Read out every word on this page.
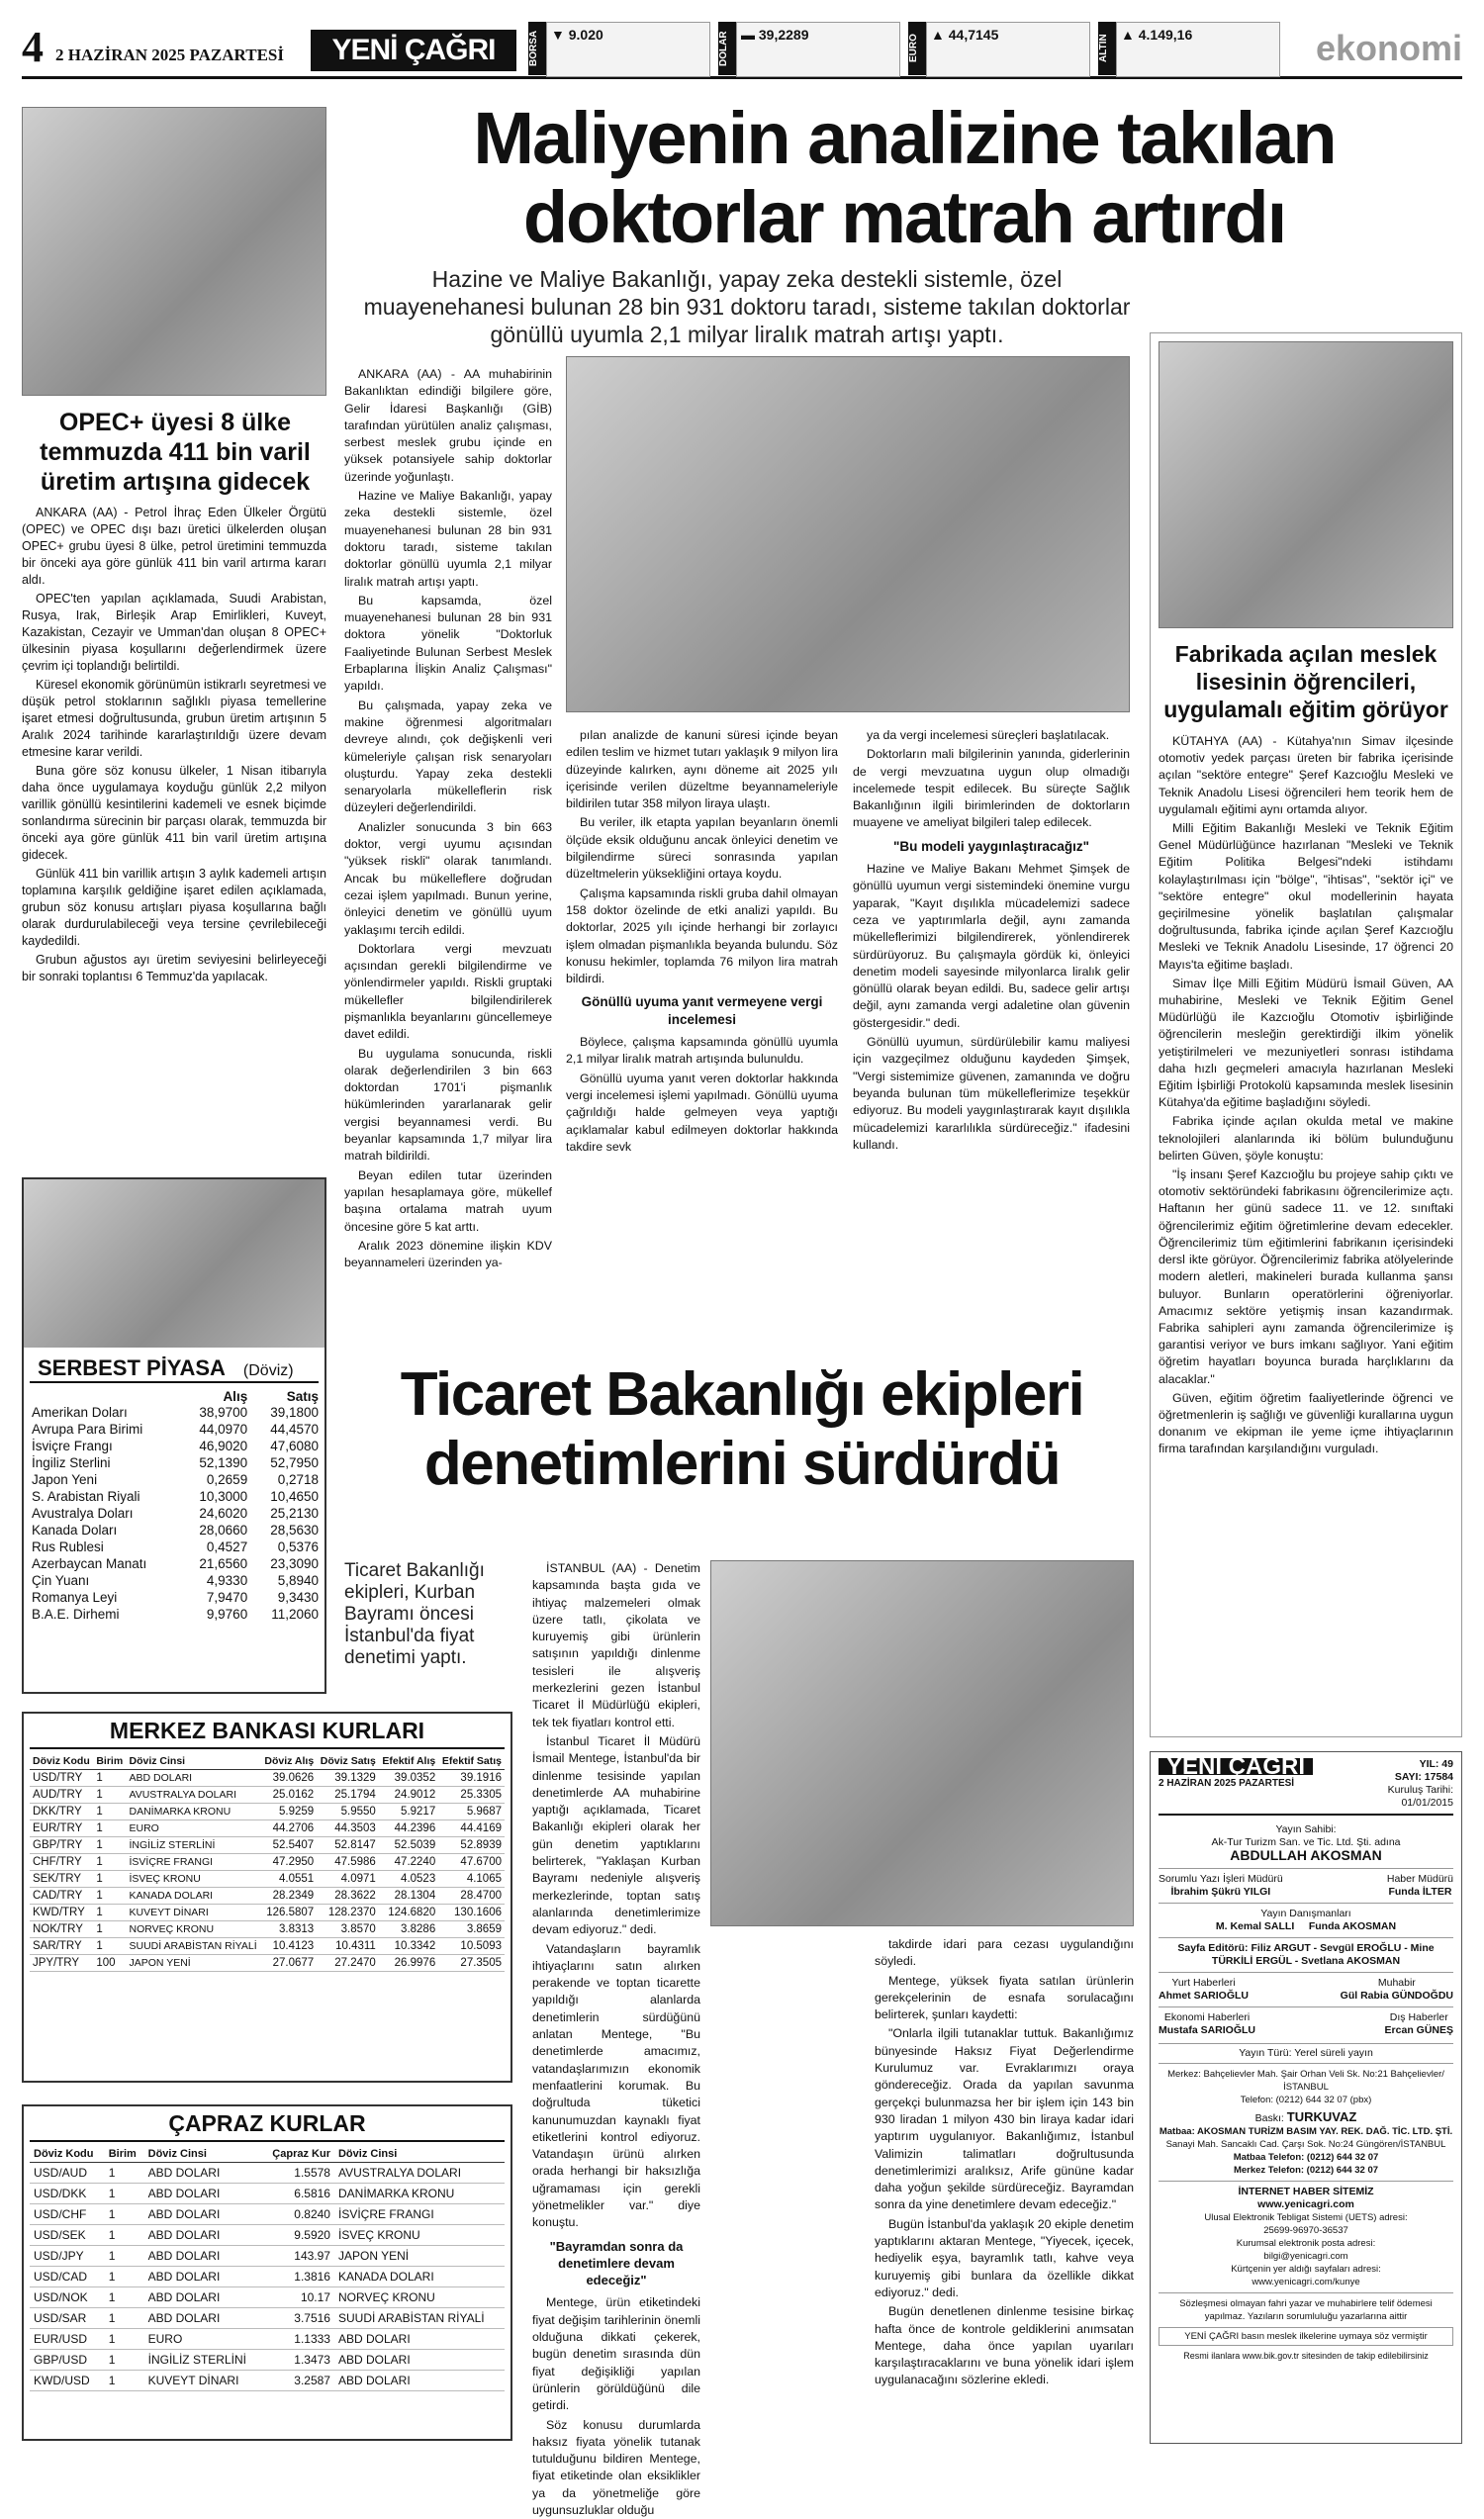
4 2 HAZİRAN 2025 PAZARTESİ	YENİ ÇAĞRI	BORSA ▼ 9.020	DOLAR ▬ 39,2289	EURO ▲ 44,7145	ALTIN ▲ 4.149,16	ekonomi
OPEC+ üyesi 8 ülke temmuzda 411 bin varil üretim artışına gidecek

ANKARA (AA) - Petrol İhraç Eden Ülkeler Örgütü (OPEC) ve OPEC dışı bazı üretici ülkelerden oluşan OPEC+ grubu üyesi 8 ülke, petrol üretimini temmuzda bir önceki aya göre günlük 411 bin varil artırma kararı aldı.

OPEC'ten yapılan açıklamada, Suudi Arabistan, Rusya, Irak, Birleşik Arap Emirlikleri, Kuveyt, Kazakistan, Cezayir ve Umman'dan oluşan 8 OPEC+ ülkesinin piyasa koşullarını değerlendirmek üzere çevrim içi toplandığı belirtildi.

Küresel ekonomik görünümün istikrarlı seyretmesi ve düşük petrol stoklarının sağlıklı piyasa temellerine işaret etmesi doğrultusunda, grubun üretim artışının 5 Aralık 2024 tarihinde kararlaştırıldığı üzere devam etmesine karar verildi.

Buna göre söz konusu ülkeler, 1 Nisan itibarıyla daha önce uygulamaya koyduğu günlük 2,2 milyon varillik gönüllü kesintilerini kademeli ve esnek biçimde sonlandırma sürecinin bir parçası olarak, temmuzda bir önceki aya göre günlük 411 bin varil üretim artışına gidecek.

Günlük 411 bin varillik artışın 3 aylık kademeli artışın toplamına karşılık geldiğine işaret edilen açıklamada, grubun söz konusu artışları piyasa koşullarına bağlı olarak durdurulabileceği veya tersine çevrilebileceği kaydedildi.

Grubun ağustos ayı üretim seviyesini belirleyeceği bir sonraki toplantısı 6 Temmuz'da yapılacak.

SERBEST PİYASA (Döviz)
	Alış	Satış
Amerikan Doları	38,9700	39,1800
Avrupa Para Birimi	44,0970	44,4570
İsviçre Frangı	46,9020	47,6080
İngiliz Sterlini	52,1390	52,7950
Japon Yeni	0,2659	0,2718
S. Arabistan Riyali	10,3000	10,4650
Avustralya Doları	24,6020	25,2130
Kanada Doları	28,0660	28,5630
Rus Rublesi	0,4527	0,5376
Azerbaycan Manatı	21,6560	23,3090
Çin Yuanı	4,9330	5,8940
Romanya Leyi	7,9470	9,3430
B.A.E. Dirhemi	9,9760	11,2060
MERKEZ BANKASI KURLARI
Döviz Kodu	Birim	Döviz Cinsi	Döviz Alış	Döviz Satış	Efektif Alış	Efektif Satış
USD/TRY	1	ABD DOLARI	39.0626	39.1329	39.0352	39.1916
AUD/TRY	1	AVUSTRALYA DOLARI	25.0162	25.1794	24.9012	25.3305
DKK/TRY	1	DANİMARKA KRONU	5.9259	5.9550	5.9217	5.9687
EUR/TRY	1	EURO	44.2706	44.3503	44.2396	44.4169
GBP/TRY	1	İNGİLİZ STERLİNİ	52.5407	52.8147	52.5039	52.8939
CHF/TRY	1	İSVİÇRE FRANGI	47.2950	47.5986	47.2240	47.6700
SEK/TRY	1	İSVEÇ KRONU	4.0551	4.0971	4.0523	4.1065
CAD/TRY	1	KANADA DOLARI	28.2349	28.3622	28.1304	28.4700
KWD/TRY	1	KUVEYT DİNARI	126.5807	128.2370	124.6820	130.1606
NOK/TRY	1	NORVEÇ KRONU	3.8313	3.8570	3.8286	3.8659
SAR/TRY	1	SUUDİ ARABİSTAN RİYALİ	10.4123	10.4311	10.3342	10.5093
JPY/TRY	100	JAPON YENİ	27.0677	27.2470	26.9976	27.3505
ÇAPRAZ KURLAR
Döviz Kodu	Birim	Döviz Cinsi	Çapraz Kur	Döviz Cinsi
USD/AUD	1	ABD DOLARI	1.5578	AVUSTRALYA DOLARI
USD/DKK	1	ABD DOLARI	6.5816	DANİMARKA KRONU
USD/CHF	1	ABD DOLARI	0.8240	İSVİÇRE FRANGI
USD/SEK	1	ABD DOLARI	9.5920	İSVEÇ KRONU
USD/JPY	1	ABD DOLARI	143.97	JAPON YENİ
USD/CAD	1	ABD DOLARI	1.3816	KANADA DOLARI
USD/NOK	1	ABD DOLARI	10.17	NORVEÇ KRONU
USD/SAR	1	ABD DOLARI	3.7516	SUUDİ ARABİSTAN RİYALİ
EUR/USD	1	EURO	1.1333	ABD DOLARI
GBP/USD	1	İNGİLİZ STERLİNİ	1.3473	ABD DOLARI
KWD/USD	1	KUVEYT DİNARI	3.2587	ABD DOLARI
Maliyenin analizine takılan doktorlar matrah artırdı

Hazine ve Maliye Bakanlığı, yapay zeka destekli sistemle, özel muayenehanesi bulunan 28 bin 931 doktoru taradı, sisteme takılan doktorlar gönüllü uyumla 2,1 milyar liralık matrah artışı yaptı.

ANKARA (AA) - AA muhabirinin Bakanlıktan edindiği bilgilere göre, Gelir İdaresi Başkanlığı (GİB) tarafından yürütülen analiz çalışması, serbest meslek grubu içinde en yüksek potansiyele sahip doktorlar üzerinde yoğunlaştı.

Hazine ve Maliye Bakanlığı, yapay zeka destekli sistemle, özel muayenehanesi bulunan 28 bin 931 doktoru taradı, sisteme takılan doktorlar gönüllü uyumla 2,1 milyar liralık matrah artışı yaptı.

Bu kapsamda, özel muayenehanesi bulunan 28 bin 931 doktora yönelik "Doktorluk Faaliyetinde Bulunan Serbest Meslek Erbaplarına İlişkin Analiz Çalışması" yapıldı.

Bu çalışmada, yapay zeka ve makine öğrenmesi algoritmaları devreye alındı, çok değişkenli veri kümeleriyle çalışan risk senaryoları oluşturdu. Yapay zeka destekli senaryolarla mükelleflerin risk düzeyleri değerlendirildi.

Analizler sonucunda 3 bin 663 doktor, vergi uyumu açısından "yüksek riskli" olarak tanımlandı. Ancak bu mükelleflere doğrudan cezai işlem yapılmadı. Bunun yerine, önleyici denetim ve gönüllü uyum yaklaşımı tercih edildi.

Doktorlara vergi mevzuatı açısından gerekli bilgilendirme ve yönlendirmeler yapıldı. Riskli gruptaki mükellefler bilgilendirilerek pişmanlıkla beyanlarını güncellemeye davet edildi.

Bu uygulama sonucunda, riskli olarak değerlendirilen 3 bin 663 doktordan 1701'i pişmanlık hükümlerinden yararlanarak gelir vergisi beyannamesi verdi. Bu beyanlar kapsamında 1,7 milyar lira matrah bildirildi.

Beyan edilen tutar üzerinden yapılan hesaplamaya göre, mükellef başına ortalama matrah uyum öncesine göre 5 kat arttı.

Aralık 2023 dönemine ilişkin KDV beyannameleri üzerinden ya-

pılan analizde de kanuni süresi içinde beyan edilen teslim ve hizmet tutarı yaklaşık 9 milyon lira düzeyinde kalırken, aynı döneme ait 2025 yılı içerisinde verilen düzeltme beyannameleriyle bildirilen tutar 358 milyon liraya ulaştı.

Bu veriler, ilk etapta yapılan beyanların önemli ölçüde eksik olduğunu ancak önleyici denetim ve bilgilendirme süreci sonrasında yapılan düzeltmelerin yüksekliğini ortaya koydu.

Çalışma kapsamında riskli gruba dahil olmayan 158 doktor özelinde de etki analizi yapıldı. Bu doktorlar, 2025 yılı içinde herhangi bir zorlayıcı işlem olmadan pişmanlıkla beyanda bulundu. Söz konusu hekimler, toplamda 76 milyon lira matrah bildirdi.

Gönüllü uyuma yanıt vermeyene vergi incelemesi

Böylece, çalışma kapsamında gönüllü uyumla 2,1 milyar liralık matrah artışında bulunuldu.

Gönüllü uyuma yanıt veren doktorlar hakkında vergi incelemesi işlemi yapılmadı. Gönüllü uyuma çağrıldığı halde gelmeyen veya yaptığı açıklamalar kabul edilmeyen doktorlar hakkında takdire sevk

ya da vergi incelemesi süreçleri başlatılacak.

Doktorların mali bilgilerinin yanında, giderlerinin de vergi mevzuatına uygun olup olmadığı incelemede tespit edilecek. Bu süreçte Sağlık Bakanlığının ilgili birimlerinden de doktorların muayene ve ameliyat bilgileri talep edilecek.

"Bu modeli yaygınlaştıracağız"

Hazine ve Maliye Bakanı Mehmet Şimşek de gönüllü uyumun vergi sistemindeki önemine vurgu yaparak, "Kayıt dışılıkla mücadelemizi sadece ceza ve yaptırımlarla değil, aynı zamanda mükelleflerimizi bilgilendirerek, yönlendirerek sürdürüyoruz. Bu çalışmayla gördük ki, önleyici denetim modeli sayesinde milyonlarca liralık gelir gönüllü olarak beyan edildi. Bu, sadece gelir artışı değil, aynı zamanda vergi adaletine olan güvenin göstergesidir." dedi.

Gönüllü uyumun, sürdürülebilir kamu maliyesi için vazgeçilmez olduğunu kaydeden Şimşek, "Vergi sistemimize güvenen, zamanında ve doğru beyanda bulunan tüm mükelleflerimize teşekkür ediyoruz. Bu modeli yaygınlaştırarak kayıt dışılıkla mücadelemizi kararlılıkla sürdüreceğiz." ifadesini kullandı.

Ticaret Bakanlığı ekipleri denetimlerini sürdürdü

Ticaret Bakanlığı ekipleri, Kurban Bayramı öncesi İstanbul'da fiyat denetimi yaptı.

İSTANBUL (AA) - Denetim kapsamında başta gıda ve ihtiyaç malzemeleri olmak üzere tatlı, çikolata ve kuruyemiş gibi ürünlerin satışının yapıldığı dinlenme tesisleri ile alışveriş merkezlerini gezen İstanbul Ticaret İl Müdürlüğü ekipleri, tek tek fiyatları kontrol etti.

İstanbul Ticaret İl Müdürü İsmail Mentege, İstanbul'da bir dinlenme tesisinde yapılan denetimlerde AA muhabirine yaptığı açıklamada, Ticaret Bakanlığı ekipleri olarak her gün denetim yaptıklarını belirterek, "Yaklaşan Kurban Bayramı nedeniyle alışveriş merkezlerinde, toptan satış alanlarında denetimlerimize devam ediyoruz." dedi.

Vatandaşların bayramlık ihtiyaçlarını satın alırken perakende ve toptan ticarette yapıldığı alanlarda denetimlerin sürdüğünü anlatan Mentege, "Bu denetimlerde amacımız, vatandaşlarımızın ekonomik menfaatlerini korumak. Bu doğrultuda tüketici kanunumuzdan kaynaklı fiyat etiketlerini kontrol ediyoruz. Vatandaşın ürünü alırken orada herhangi bir haksızlığa uğramaması için gerekli yönetmelikler var." diye konuştu.

"Bayramdan sonra da denetimlere devam edeceğiz"

Mentege, ürün etiketindeki fiyat değişim tarihlerinin önemli olduğuna dikkati çekerek, bugün denetim sırasında dün fiyat değişikliği yapılan ürünlerin görüldüğünü dile getirdi.

Söz konusu durumlarda haksız fiyata yönelik tutanak tutulduğunu bildiren Mentege, fiyat etiketinde olan eksiklikler ya da yönetmeliğe göre uygunsuzluklar olduğu

takdirde idari para cezası uygulandığını söyledi.

Mentege, yüksek fiyata satılan ürünlerin gerekçelerinin de esnafa sorulacağını belirterek, şunları kaydetti:

"Onlarla ilgili tutanaklar tuttuk. Bakanlığımız bünyesinde Haksız Fiyat Değerlendirme Kurulumuz var. Evraklarımızı oraya göndereceğiz. Orada da yapılan savunma gerçekçi bulunmazsa her bir işlem için 143 bin 930 liradan 1 milyon 430 bin liraya kadar idari yaptırım uygulanıyor. Bakanlığımız, İstanbul Valimizin talimatları doğrultusunda denetimlerimizi aralıksız, Arife gününe kadar daha yoğun şekilde sürdüreceğiz. Bayramdan sonra da yine denetimlere devam edeceğiz."

Bugün İstanbul'da yaklaşık 20 ekiple denetim yaptıklarını aktaran Mentege, "Yiyecek, içecek, hediyelik eşya, bayramlık tatlı, kahve veya kuruyemiş gibi bunlara da özellikle dikkat ediyoruz." dedi.

Bugün denetlenen dinlenme tesisine birkaç hafta önce de kontrole geldiklerini anımsatan Mentege, daha önce yapılan uyarıları karşılaştıracaklarını ve buna yönelik idari işlem uygulanacağını sözlerine ekledi.

Fabrikada açılan meslek lisesinin öğrencileri, uygulamalı eğitim görüyor

KÜTAHYA (AA) - Kütahya'nın Simav ilçesinde otomotiv yedek parçası üreten bir fabrika içerisinde açılan "sektöre entegre" Şeref Kazcıoğlu Mesleki ve Teknik Anadolu Lisesi öğrencileri hem teorik hem de uygulamalı eğitimi aynı ortamda alıyor.

Milli Eğitim Bakanlığı Mesleki ve Teknik Eğitim Genel Müdürlüğünce hazırlanan "Mesleki ve Teknik Eğitim Politika Belgesi"ndeki istihdamı kolaylaştırılması için "bölge", "ihtisas", "sektör içi" ve "sektöre entegre" okul modellerinin hayata geçirilmesine yönelik başlatılan çalışmalar doğrultusunda, fabrika içinde açılan Şeref Kazcıoğlu Mesleki ve Teknik Anadolu Lisesinde, 17 öğrenci 20 Mayıs'ta eğitime başladı.

Simav İlçe Milli Eğitim Müdürü İsmail Güven, AA muhabirine, Mesleki ve Teknik Eğitim Genel Müdürlüğü ile Kazcıoğlu Otomotiv işbirliğinde öğrencilerin mesleğin gerektirdiği ilkim yönelik yetiştirilmeleri ve mezuniyetleri sonrası istihdama daha hızlı geçmeleri amacıyla hazırlanan Mesleki Eğitim İşbirliği Protokolü kapsamında meslek lisesinin Kütahya'da eğitime başladığını söyledi.

Fabrika içinde açılan okulda metal ve makine teknolojileri alanlarında iki bölüm bulunduğunu belirten Güven, şöyle konuştu:

"İş insanı Şeref Kazcıoğlu bu projeye sahip çıktı ve otomotiv sektöründeki fabrikasını öğrencilerimize açtı. Haftanın her günü sadece 11. ve 12. sınıftaki öğrencilerimiz eğitim öğretimlerine devam edecekler. Öğrencilerimiz tüm eğitimlerini fabrikanın içerisindeki dersl ikte görüyor. Öğrencilerimiz fabrika atölyelerinde modern aletleri, makineleri burada kullanma şansı buluyor. Bunların operatörlerini öğreniyorlar. Amacımız sektöre yetişmiş insan kazandırmak. Fabrika sahipleri aynı zamanda öğrencilerimize iş garantisi veriyor ve burs imkanı sağlıyor. Yani eğitim öğretim hayatları boyunca burada harçlıklarını da alacaklar."

Güven, eğitim öğretim faaliyetlerinde öğrenci ve öğretmenlerin iş sağlığı ve güvenliği kurallarına uygun donanım ve ekipman ile yeme içme ihtiyaçlarının firma tarafından karşılandığını vurguladı.

YENİ ÇAĞRI
2 HAZİRAN 2025 PAZARTESİ
YIL: 49
SAYI: 17584
Kuruluş Tarihi:
01/01/2015
Yayın Sahibi:
Ak-Tur Turizm San. ve Tic. Ltd. Şti. adına
ABDULLAH AKOSMAN
Sorumlu Yazı İşleri Müdürü
İbrahim Şükrü YILGI
Haber Müdürü
Funda İLTER
Yayın Danışmanları
M. Kemal SALLI     Funda AKOSMAN
Sayfa Editörü: Filiz ARGUT - Sevgül EROĞLU - Mine TÜRKİLİ ERGÜL - Svetlana AKOSMAN
Yurt Haberleri
Ahmet SARIOĞLU
Muhabir
Gül Rabia GÜNDOĞDU
Ekonomi Haberleri
Mustafa SARIOĞLU
Dış Haberler
Ercan GÜNEŞ
Yayın Türü: Yerel süreli yayın
Merkez: Bahçelievler Mah. Şair Orhan Veli Sk. No:21 Bahçelievler/İSTANBUL
Telefon: (0212) 644 32 07 (pbx)
Baskı: TURKUVAZ
Matbaa: AKOSMAN TURİZM BASIM YAY. REK. DAĞ. TİC. LTD. ŞTİ.
Sanayi Mah. Sancaklı Cad. Çarşı Sok. No:24 Güngören/İSTANBUL
Matbaa Telefon: (0212) 644 32 07
Merkez Telefon: (0212) 644 32 07
İNTERNET HABER SİTEMİZ
www.yenicagri.com
Ulusal Elektronik Tebligat Sistemi (UETS) adresi:
25699-96970-36537
Kurumsal elektronik posta adresi:
bilgi@yenicagri.com
Kürtçenin yer aldığı sayfaları adresi:
www.yenicagri.com/kunye
Sözleşmesi olmayan fahri yazar ve muhabirlere telif ödemesi yapılmaz. Yazıların sorumluluğu yazarlarına aittir
YENİ ÇAĞRI basın meslek ilkelerine uymaya söz vermiştir
Resmi ilanlara www.bik.gov.tr sitesinden de takip edilebilirsiniz
